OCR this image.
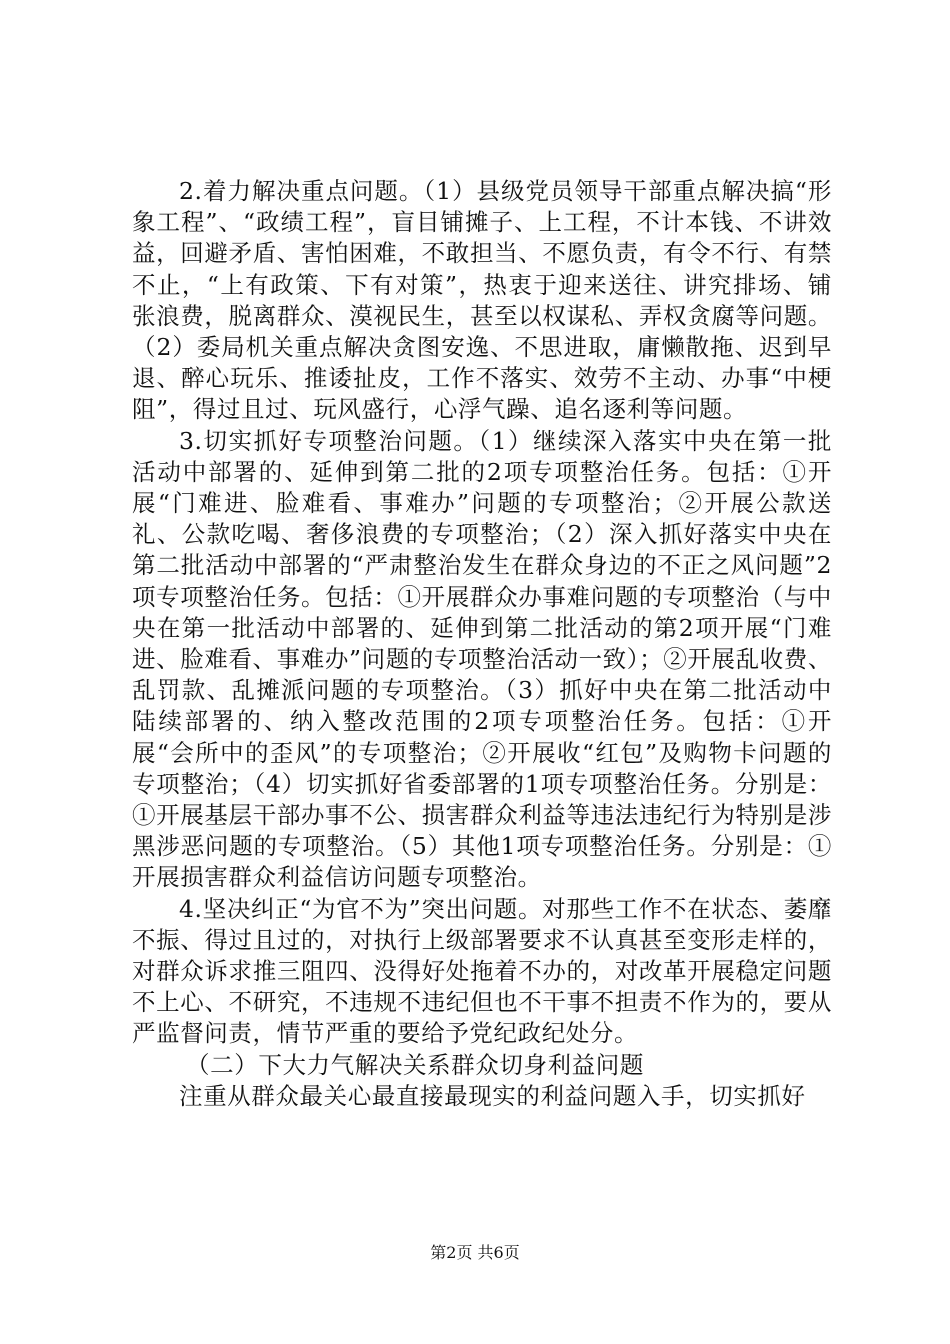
2.着力解决重点问题。（1）县级党员领导干部重点解决搞“形象工程”、“政绩工程”，盲目铺摊子、上工程，不计本钱、不讲效益，回避矛盾、害怕困难，不敢担当、不愿负责，有令不行、有禁不止，“上有政策、下有对策”，热衷于迎来送往、讲究排场、铺张浪费，脱离群众、漠视民生，甚至以权谋私、弄权贪腐等问题。（2）委局机关重点解决贪图安逸、不思进取，庸懒散拖、迟到早退、醉心玩乐、推诿扯皮，工作不落实、效劳不主动、办事“中梗阻”，得过且过、玩风盛行，心浮气躁、追名逐利等问题。

3.切实抓好专项整治问题。（1）继续深入落实中央在第一批活动中部署的、延伸到第二批的2项专项整治任务。包括：①开展“门难进、脸难看、事难办”问题的专项整治；②开展公款送礼、公款吃喝、奢侈浪费的专项整治；（2）深入抓好落实中央在第二批活动中部署的“严肃整治发生在群众身边的不正之风问题”2项专项整治任务。包括：①开展群众办事难问题的专项整治（与中央在第一批活动中部署的、延伸到第二批活动的第2项开展“门难进、脸难看、事难办”问题的专项整治活动一致）；②开展乱收费、乱罚款、乱摊派问题的专项整治。（3）抓好中央在第二批活动中陆续部署的、纳入整改范围的2项专项整治任务。包括：①开展“会所中的歪风”的专项整治；②开展收“红包”及购物卡问题的专项整治；（4）切实抓好省委部署的1项专项整治任务。分别是：①开展基层干部办事不公、损害群众利益等违法违纪行为特别是涉黑涉恶问题的专项整治。（5）其他1项专项整治任务。分别是：①开展损害群众利益信访问题专项整治。

4.坚决纠正“为官不为”突出问题。对那些工作不在状态、萎靡不振、得过且过的，对执行上级部署要求不认真甚至变形走样的，对群众诉求推三阻四、没得好处拖着不办的，对改革开展稳定问题不上心、不研究，不违规不违纪但也不干事不担责不作为的，要从严监督问责，情节严重的要给予党纪政纪处分。

（二）下大力气解决关系群众切身利益问题

注重从群众最关心最直接最现实的利益问题入手，切实抓好

第2页 共6页
